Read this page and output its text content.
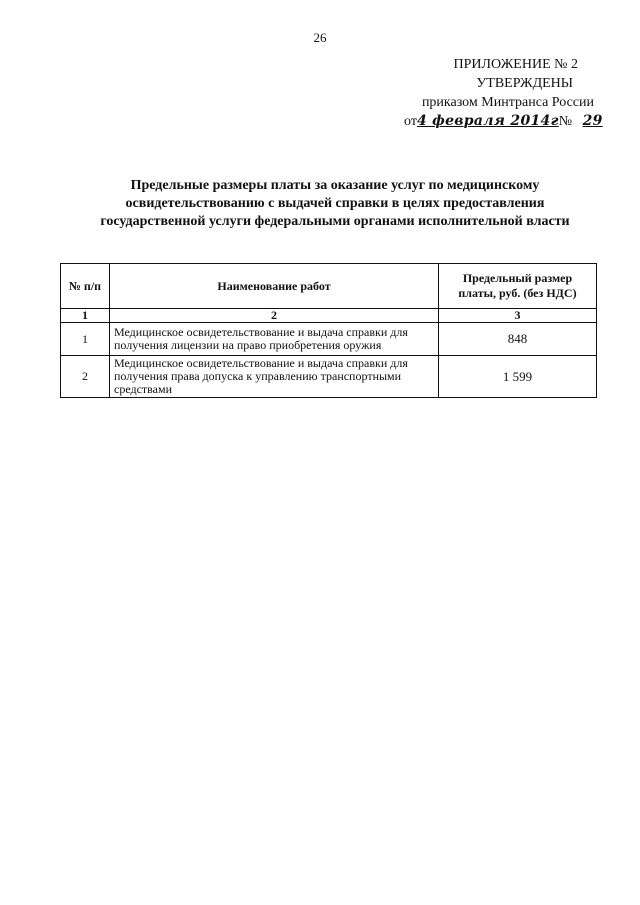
26
ПРИЛОЖЕНИЕ № 2
УТВЕРЖДЕНЫ
приказом Минтранса России
от4 февраля 2014г№ 29
Предельные размеры платы за оказание услуг по медицинскому
освидетельствованию с выдачей справки в целях предоставления
государственной услуги федеральными органами исполнительной власти
№ п/п	Наименование работ	Предельный размер платы, руб. (без НДС)
1	2	3
1	Медицинское освидетельствование и выдача справки для получения лицензии на право приобретения оружия	848
2	Медицинское освидетельствование и выдача справки для получения права допуска к управлению транспортными средствами	1 599
